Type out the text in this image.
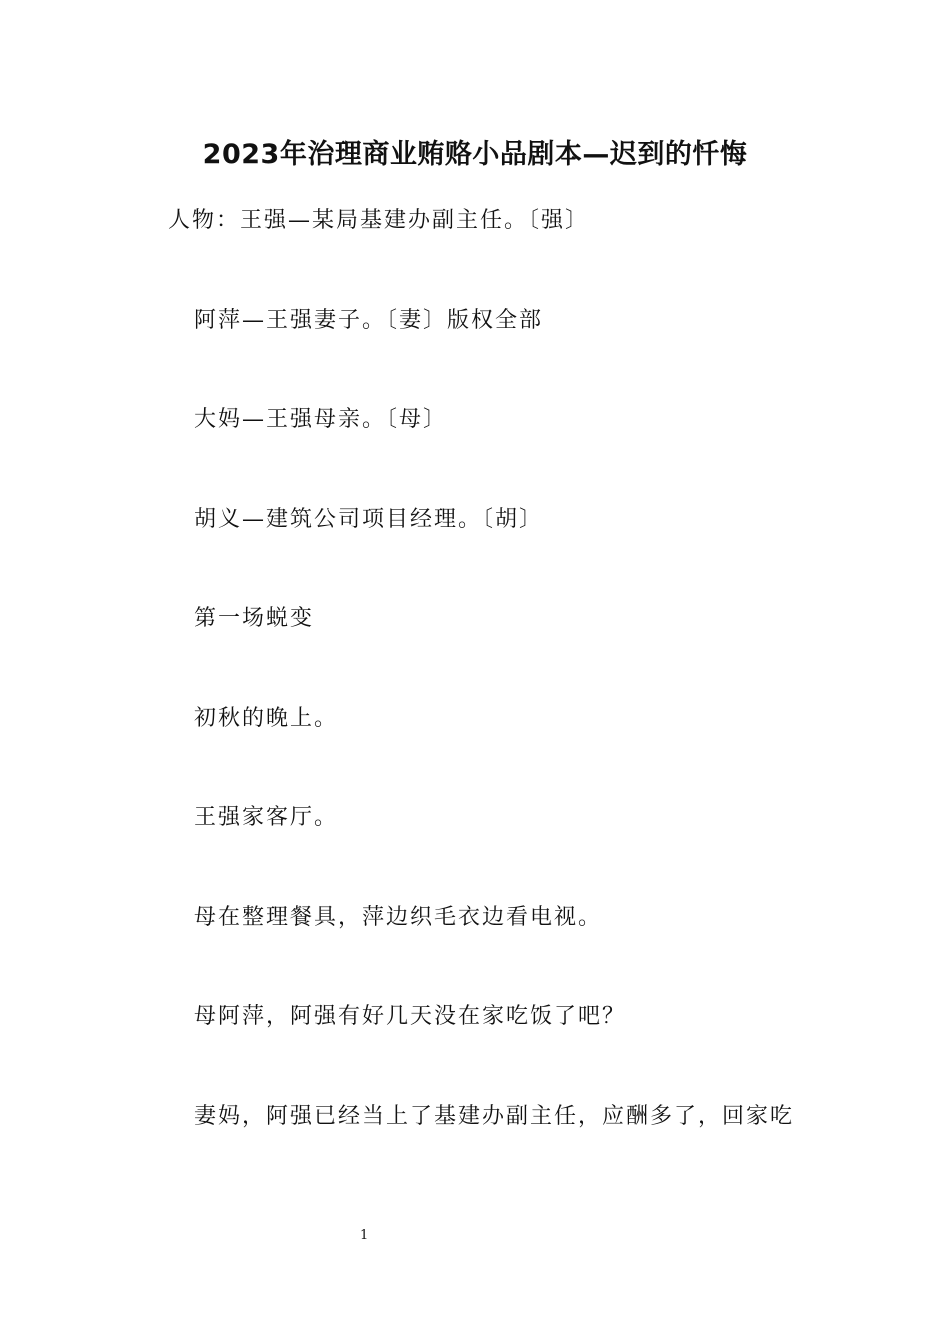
2023年治理商业贿赂小品剧本—迟到的忏悔
人物：王强—某局基建办副主任。〔强〕
阿萍—王强妻子。〔妻〕版权全部
大妈—王强母亲。〔母〕
胡义—建筑公司项目经理。〔胡〕
第一场蜕变
初秋的晚上。
王强家客厅。
母在整理餐具，萍边织毛衣边看电视。
母阿萍，阿强有好几天没在家吃饭了吧？
妻妈，阿强已经当上了基建办副主任，应酬多了，回家吃
1
